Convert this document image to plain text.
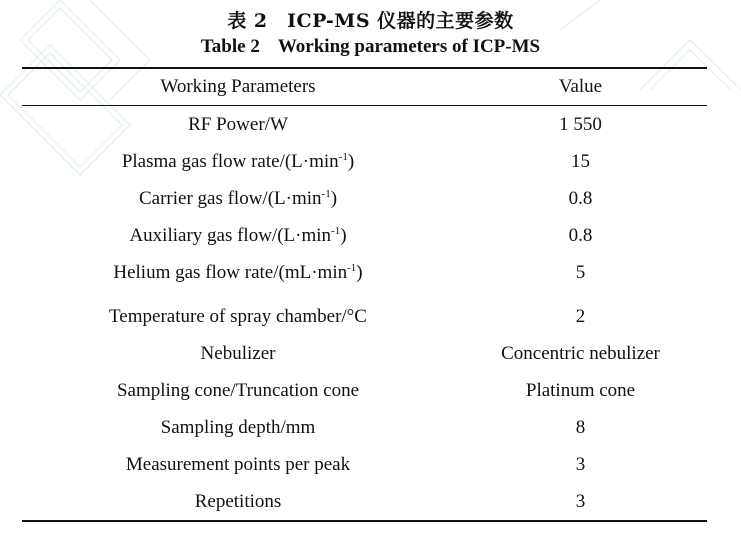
表 2　ICP-MS 仪器的主要参数
Table 2 Working parameters of ICP-MS
Working Parameters	Value
RF Power/W	1 550
Plasma gas flow rate/$(L\cdot\min^{-1})$	15
Carrier gas flow/$(L\cdot\min^{-1})$	0.8
Auxiliary gas flow/$(L\cdot\min^{-1})$	0.8
Helium gas flow rate/$(mL\cdot\min^{-1})$	5
Temperature of spray chamber/°C	2
Nebulizer	Concentric nebulizer
Sampling cone/Truncation cone	Platinum cone
Sampling depth/mm	8
Measurement points per peak	3
Repetitions	3
